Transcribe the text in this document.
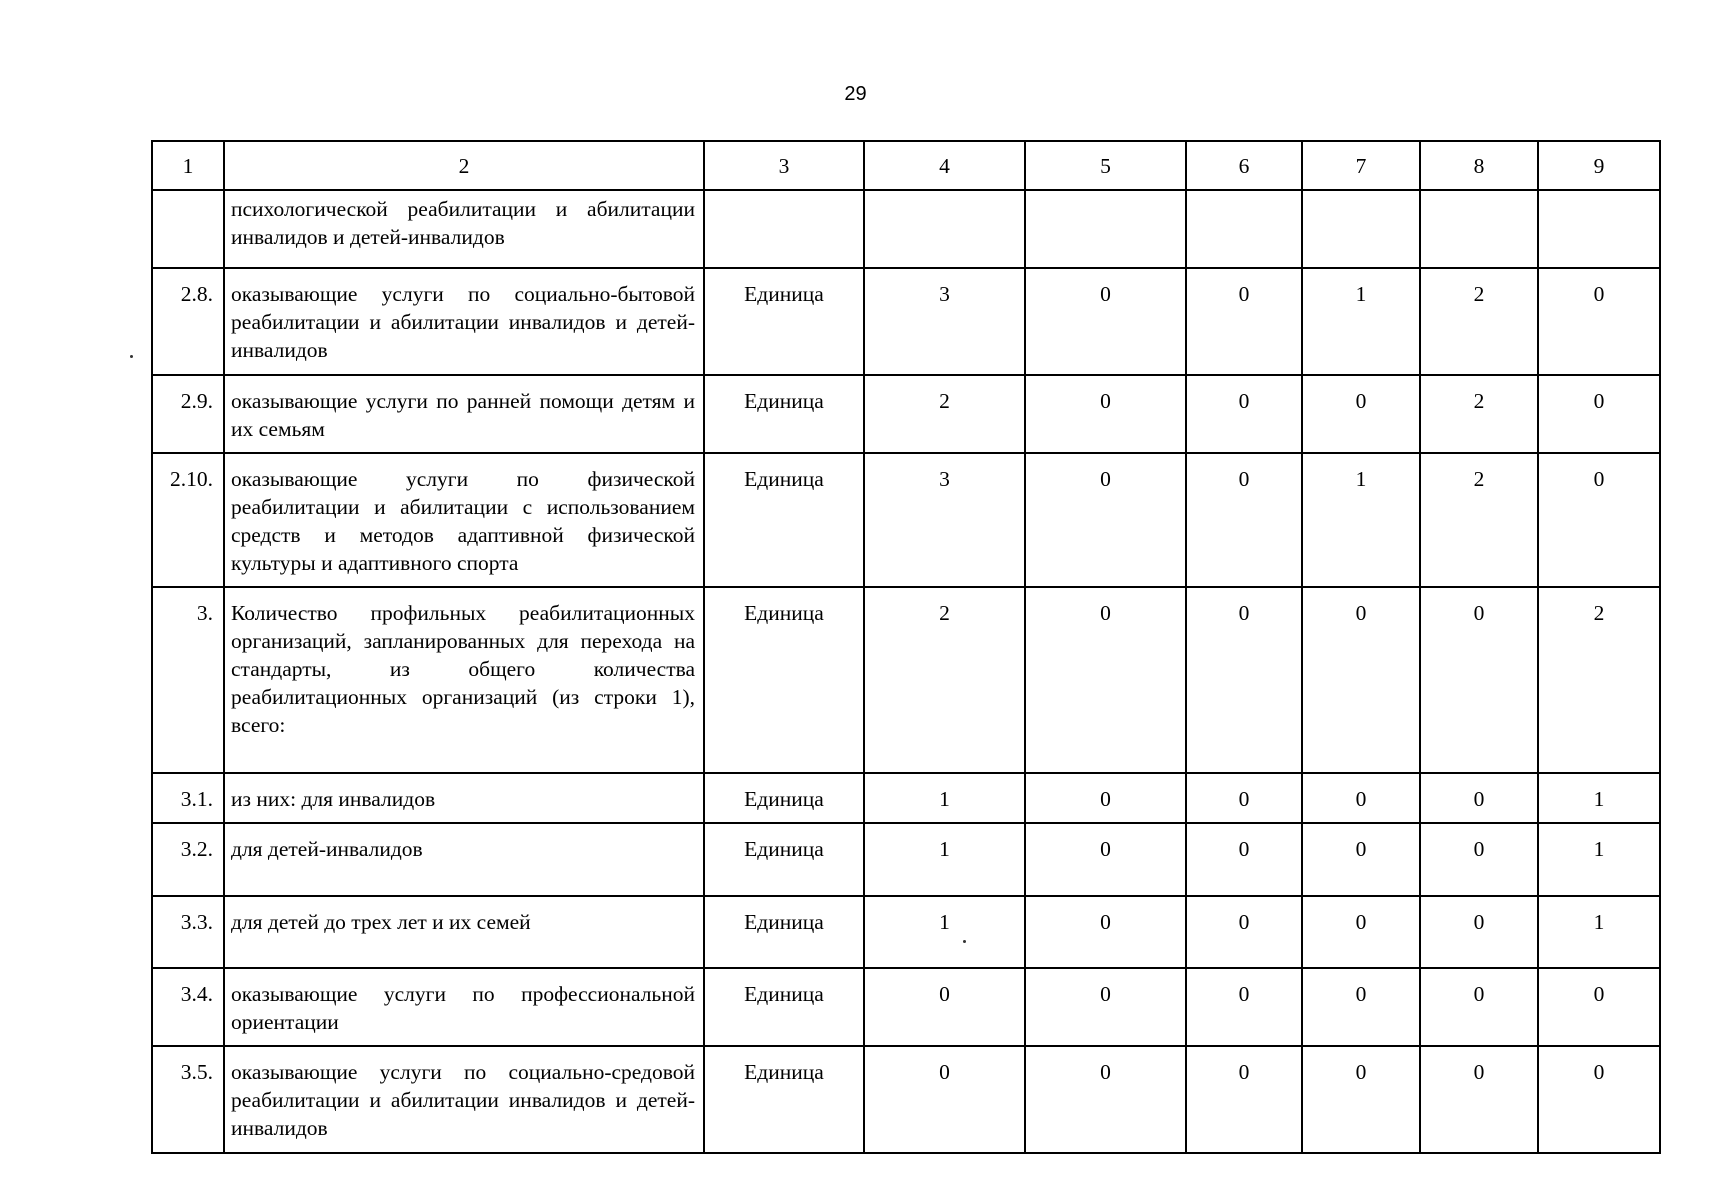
29
1	2	3	4	5	6	7	8	9
	психологической реабилитации и абилитации инвалидов и детей-инвалидов							
2.8.	оказывающие услуги по социально-бытовой реабилитации и абилитации инвалидов и детей-инвалидов	Единица	3	0	0	1	2	0
2.9.	оказывающие услуги по ранней помощи детям и их семьям	Единица	2	0	0	0	2	0
2.10.	оказывающие услуги по физической реабилитации и абилитации с использованием средств и методов адаптивной физической культуры и адаптивного спорта	Единица	3	0	0	1	2	0
3.	Количество профильных реабилитационных организаций, запланированных для перехода на стандарты, из общего количества реабилитационных организаций (из строки 1), всего:	Единица	2	0	0	0	0	2
3.1.	из них: для инвалидов	Единица	1	0	0	0	0	1
3.2.	для детей-инвалидов	Единица	1	0	0	0	0	1
3.3.	для детей до трех лет и их семей	Единица	1	0	0	0	0	1
3.4.	оказывающие услуги по профессиональной ориентации	Единица	0	0	0	0	0	0
3.5.	оказывающие услуги по социально-средовой реабилитации и абилитации инвалидов и детей-инвалидов	Единица	0	0	0	0	0	0
